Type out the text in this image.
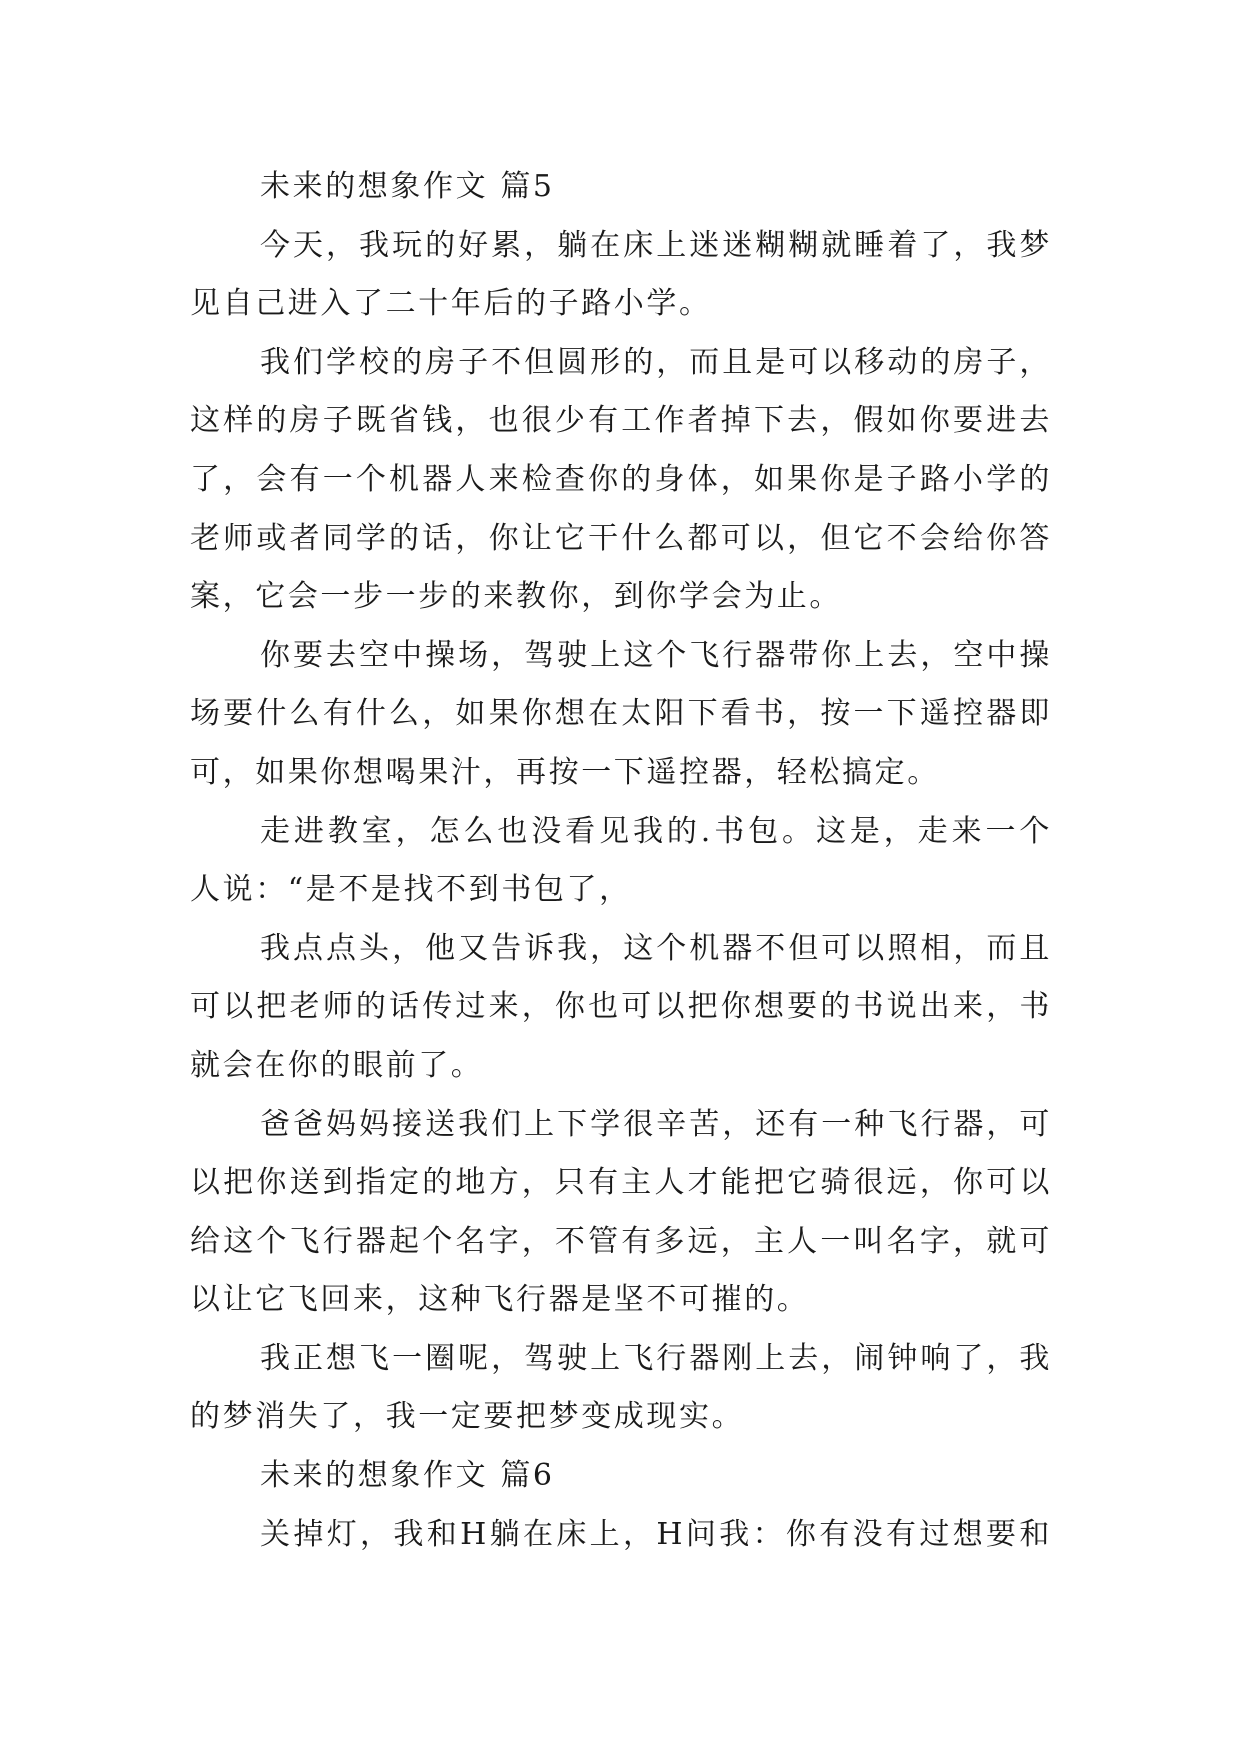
未来的想象作文 篇5
今天，我玩的好累，躺在床上迷迷糊糊就睡着了，我梦
见自己进入了二十年后的子路小学。
我们学校的房子不但圆形的，而且是可以移动的房子，
这样的房子既省钱，也很少有工作者掉下去，假如你要进去
了，会有一个机器人来检查你的身体，如果你是子路小学的
老师或者同学的话，你让它干什么都可以，但它不会给你答
案，它会一步一步的来教你，到你学会为止。
你要去空中操场，驾驶上这个飞行器带你上去，空中操
场要什么有什么，如果你想在太阳下看书，按一下遥控器即
可，如果你想喝果汁，再按一下遥控器，轻松搞定。
走进教室，怎么也没看见我的.书包。这是，走来一个
人说：“是不是找不到书包了，
我点点头，他又告诉我，这个机器不但可以照相，而且
可以把老师的话传过来，你也可以把你想要的书说出来，书
就会在你的眼前了。
爸爸妈妈接送我们上下学很辛苦，还有一种飞行器，可
以把你送到指定的地方，只有主人才能把它骑很远，你可以
给这个飞行器起个名字，不管有多远，主人一叫名字，就可
以让它飞回来，这种飞行器是坚不可摧的。
我正想飞一圈呢，驾驶上飞行器刚上去，闹钟响了，我
的梦消失了，我一定要把梦变成现实。
未来的想象作文 篇6
关掉灯，我和H躺在床上，H问我：你有没有过想要和
